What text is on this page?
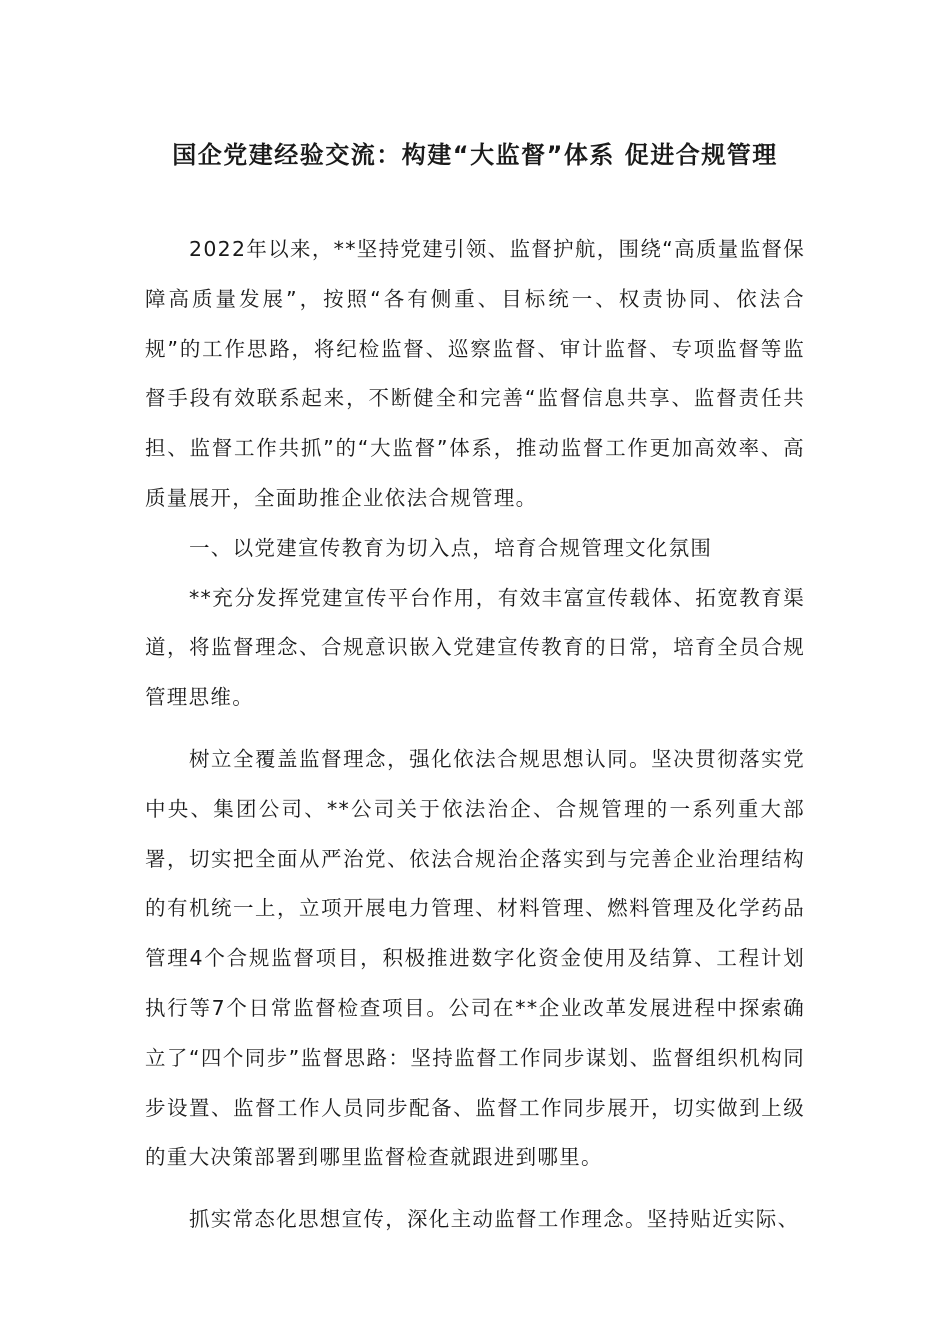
国企党建经验交流：构建“大监督”体系 促进合规管理

2022年以来，**坚持党建引领、监督护航，围绕“高质量监督保障高质量发展”，按照“各有侧重、目标统一、权责协同、依法合规”的工作思路，将纪检监督、巡察监督、审计监督、专项监督等监督手段有效联系起来，不断健全和完善“监督信息共享、监督责任共担、监督工作共抓”的“大监督”体系，推动监督工作更加高效率、高质量展开，全面助推企业依法合规管理。

一、以党建宣传教育为切入点，培育合规管理文化氛围

**充分发挥党建宣传平台作用，有效丰富宣传载体、拓宽教育渠道，将监督理念、合规意识嵌入党建宣传教育的日常，培育全员合规管理思维。

树立全覆盖监督理念，强化依法合规思想认同。坚决贯彻落实党中央、集团公司、**公司关于依法治企、合规管理的一系列重大部署，切实把全面从严治党、依法合规治企落实到与完善企业治理结构的有机统一上，立项开展电力管理、材料管理、燃料管理及化学药品管理4个合规监督项目，积极推进数字化资金使用及结算、工程计划执行等7个日常监督检查项目。公司在**企业改革发展进程中探索确立了“四个同步”监督思路：坚持监督工作同步谋划、监督组织机构同步设置、监督工作人员同步配备、监督工作同步展开，切实做到上级的重大决策部署到哪里监督检查就跟进到哪里。

抓实常态化思想宣传，深化主动监督工作理念。坚持贴近实际、
